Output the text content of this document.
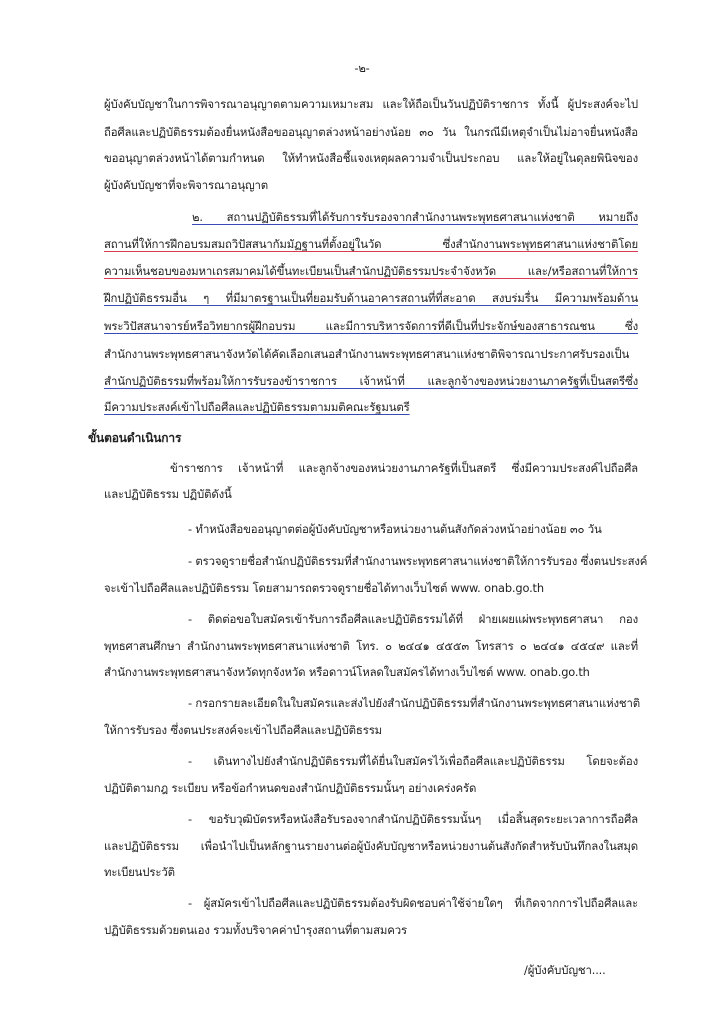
-๒-
ผู้บังคับบัญชาในการพิจารณาอนุญาตตามความเหมาะสม และให้ถือเป็นวันปฏิบัติราชการ ทั้งนี้ ผู้ประสงค์จะไป
ถือศีลและปฏิบัติธรรมต้องยื่นหนังสือขออนุญาตล่วงหน้าอย่างน้อย ๓๐ วัน ในกรณีมีเหตุจำเป็นไม่อาจยื่นหนังสือ
ขออนุญาตล่วงหน้าได้ตามกำหนด ให้ทำหนังสือชี้แจงเหตุผลความจำเป็นประกอบ และให้อยู่ในดุลยพินิจของ
ผู้บังคับบัญชาที่จะพิจารณาอนุญาต
๒. สถานปฏิบัติธรรมที่ได้รับการรับรองจากสำนักงานพระพุทธศาสนาแห่งชาติ หมายถึง
สถานที่ให้การฝึกอบรมสมถวิปัสสนากัมมัฏฐานที่ตั้งอยู่ในวัด ซึ่งสำนักงานพระพุทธศาสนาแห่งชาติโดย
ความเห็นชอบของมหาเถรสมาคมได้ขึ้นทะเบียนเป็นสำนักปฏิบัติธรรมประจำจังหวัด และ/หรือสถานที่ให้การ
ฝึกปฏิบัติธรรมอื่น ๆ ที่มีมาตรฐานเป็นที่ยอมรับด้านอาคารสถานที่ที่สะอาด สงบร่มรื่น มีความพร้อมด้าน
พระวิปัสสนาจารย์หรือวิทยากรผู้ฝึกอบรม และมีการบริหารจัดการที่ดีเป็นที่ประจักษ์ของสาธารณชน ซึ่ง
สำนักงานพระพุทธศาสนาจังหวัดได้คัดเลือกเสนอสำนักงานพระพุทธศาสนาแห่งชาติพิจารณาประกาศรับรองเป็น
สำนักปฏิบัติธรรมที่พร้อมให้การรับรองข้าราชการ เจ้าหน้าที่ และลูกจ้างของหน่วยงานภาครัฐที่เป็นสตรีซึ่ง
มีความประสงค์เข้าไปถือศีลและปฏิบัติธรรมตามมติคณะรัฐมนตรี
ขั้นตอนดำเนินการ
ข้าราชการ เจ้าหน้าที่ และลูกจ้างของหน่วยงานภาครัฐที่เป็นสตรี ซึ่งมีความประสงค์ไปถือศีล
และปฏิบัติธรรม ปฏิบัติดังนี้
- ทำหนังสือขออนุญาตต่อผู้บังคับบัญชาหรือหน่วยงานต้นสังกัดล่วงหน้าอย่างน้อย ๓๐ วัน
- ตรวจดูรายชื่อสำนักปฏิบัติธรรมที่สำนักงานพระพุทธศาสนาแห่งชาติให้การรับรอง ซึ่งตนประสงค์
จะเข้าไปถือศีลและปฏิบัติธรรม โดยสามารถตรวจดูรายชื่อได้ทางเว็บไซต์ www. onab.go.th
- ติดต่อขอใบสมัครเข้ารับการถือศีลและปฏิบัติธรรมได้ที่ ฝ่ายเผยแผ่พระพุทธศาสนา กอง
พุทธศาสนศึกษา สำนักงานพระพุทธศาสนาแห่งชาติ โทร. ๐ ๒๔๔๑ ๔๕๕๓ โทรสาร ๐ ๒๔๔๑ ๔๕๔๙ และที่
สำนักงานพระพุทธศาสนาจังหวัดทุกจังหวัด หรือดาวน์โหลดใบสมัครได้ทางเว็บไซต์ www. onab.go.th
- กรอกรายละเอียดในใบสมัครและส่งไปยังสำนักปฏิบัติธรรมที่สำนักงานพระพุทธศาสนาแห่งชาติ
ให้การรับรอง ซึ่งตนประสงค์จะเข้าไปถือศีลและปฏิบัติธรรม
- เดินทางไปยังสำนักปฏิบัติธรรมที่ได้ยื่นใบสมัครไว้เพื่อถือศีลและปฏิบัติธรรม โดยจะต้อง
ปฏิบัติตามกฎ ระเบียบ หรือข้อกำหนดของสำนักปฏิบัติธรรมนั้นๆ อย่างเคร่งครัด
- ขอรับวุฒิบัตรหรือหนังสือรับรองจากสำนักปฏิบัติธรรมนั้นๆ เมื่อสิ้นสุดระยะเวลาการถือศีล
และปฏิบัติธรรม เพื่อนำไปเป็นหลักฐานรายงานต่อผู้บังคับบัญชาหรือหน่วยงานต้นสังกัดสำหรับบันทึกลงในสมุด
ทะเบียนประวัติ
- ผู้สมัครเข้าไปถือศีลและปฏิบัติธรรมต้องรับผิดชอบค่าใช้จ่ายใดๆ ที่เกิดจากการไปถือศีลและ
ปฏิบัติธรรมด้วยตนเอง รวมทั้งบริจาคค่าบำรุงสถานที่ตามสมควร
/ผู้บังคับบัญชา....
